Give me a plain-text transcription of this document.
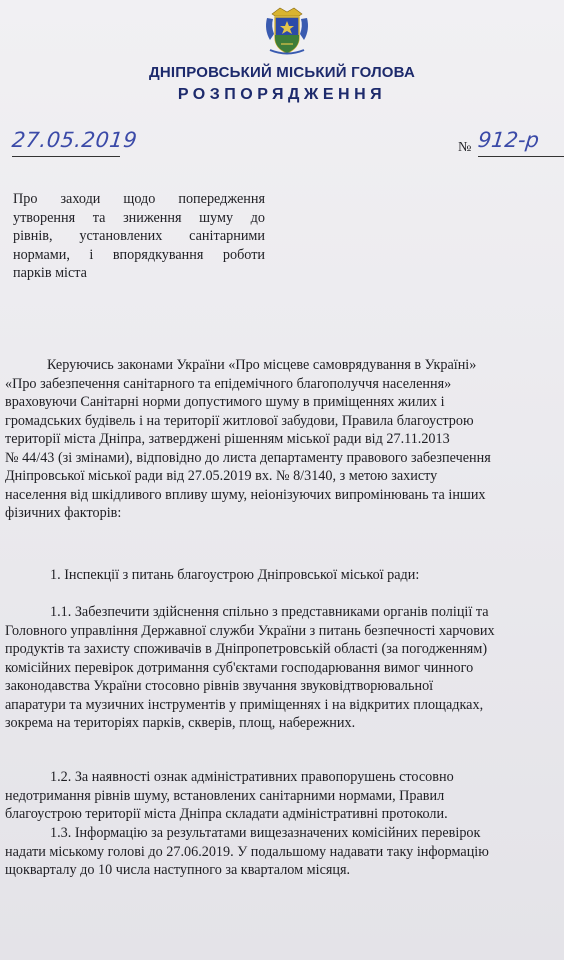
ДНІПРОВСЬКИЙ МІСЬКИЙ ГОЛОВА
РОЗПОРЯДЖЕННЯ
27.05.2019	№ 912-р
Про заходи щодо попередження
утворення та зниження шуму до
рівнів, установлених санітарними
нормами, і впорядкування роботи
парків міста
Керуючись законами України «Про місцеве самоврядування в Україні»
«Про забезпечення санітарного та епідемічного благополуччя населення»
враховуючи Санітарні норми допустимого шуму в приміщеннях жилих і
громадських будівель і на території житлової забудови, Правила благоустрою
території міста Дніпра, затверджені рішенням міської ради від 27.11.2013
№ 44/43 (зі змінами), відповідно до листа департаменту правового забезпечення
Дніпровської міської ради від 27.05.2019 вх. № 8/3140, з метою захисту
населення від шкідливого впливу шуму, неіонізуючих випромінювань та інших
фізичних факторів:
1. Інспекції з питань благоустрою Дніпровської міської ради:
1.1. Забезпечити здійснення спільно з представниками органів поліції та
Головного управління Державної служби України з питань безпечності харчових
продуктів та захисту споживачів в Дніпропетровській області (за погодженням)
комісійних перевірок дотримання суб'єктами господарювання вимог чинного
законодавства України стосовно рівнів звучання звуковідтворювальної
апаратури та музичних інструментів у приміщеннях і на відкритих площадках,
зокрема на територіях парків, скверів, площ, набережних.
1.2. За наявності ознак адміністративних правопорушень стосовно
недотримання рівнів шуму, встановлених санітарними нормами, Правил
благоустрою території міста Дніпра складати адміністративні протоколи.
1.3. Інформацію за результатами вищезазначених комісійних перевірок
надати міському голові до 27.06.2019. У подальшому надавати таку інформацію
щокварталу до 10 числа наступного за кварталом місяця.
